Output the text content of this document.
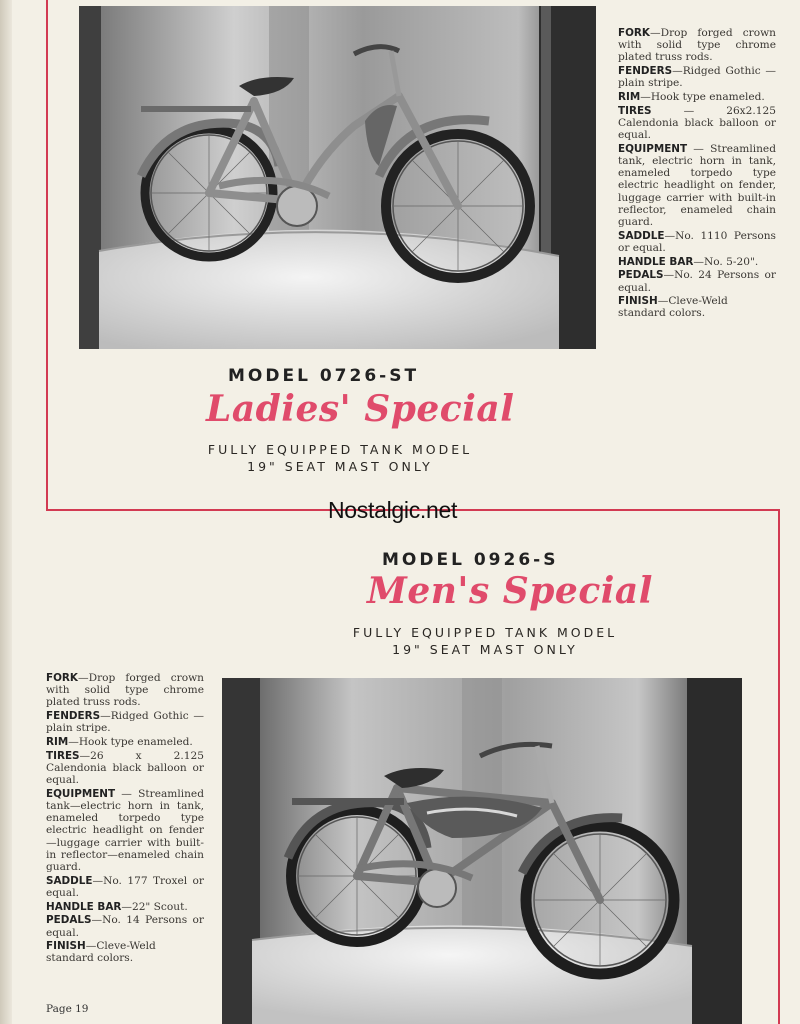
FORK—Drop forged crown with solid type chrome plated truss rods.

FENDERS—Ridged Gothic —plain stripe.

RIM—Hook type enameled.

TIRES — 26x2.125 Calendonia black balloon or equal.

EQUIPMENT — Streamlined tank, electric horn in tank, enameled torpedo type electric headlight on fender, luggage carrier with built-in reflector, enameled chain guard.

SADDLE—No. 1110 Persons or equal.

HANDLE BAR—No. 5-20".

PEDALS—No. 24 Persons or equal.

FINISH—Cleve-Weld standard colors.

MODEL 0726-ST
Ladies' Special
FULLY EQUIPPED TANK MODEL
19" SEAT MAST ONLY
Nostalgic.net
MODEL 0926-S
Men's Special
FULLY EQUIPPED TANK MODEL
19" SEAT MAST ONLY

FORK—Drop forged crown with solid type chrome plated truss rods.

FENDERS—Ridged Gothic —plain stripe.

RIM—Hook type enameled.

TIRES—26 x 2.125 Calendonia black balloon or equal.

EQUIPMENT — Streamlined tank—electric horn in tank, enameled torpedo type electric headlight on fender—luggage carrier with built-in reflector—enameled chain guard.

SADDLE—No. 177 Troxel or equal.

HANDLE BAR—22" Scout.

PEDALS—No. 14 Persons or equal.

FINISH—Cleve-Weld standard colors.

Page 19
